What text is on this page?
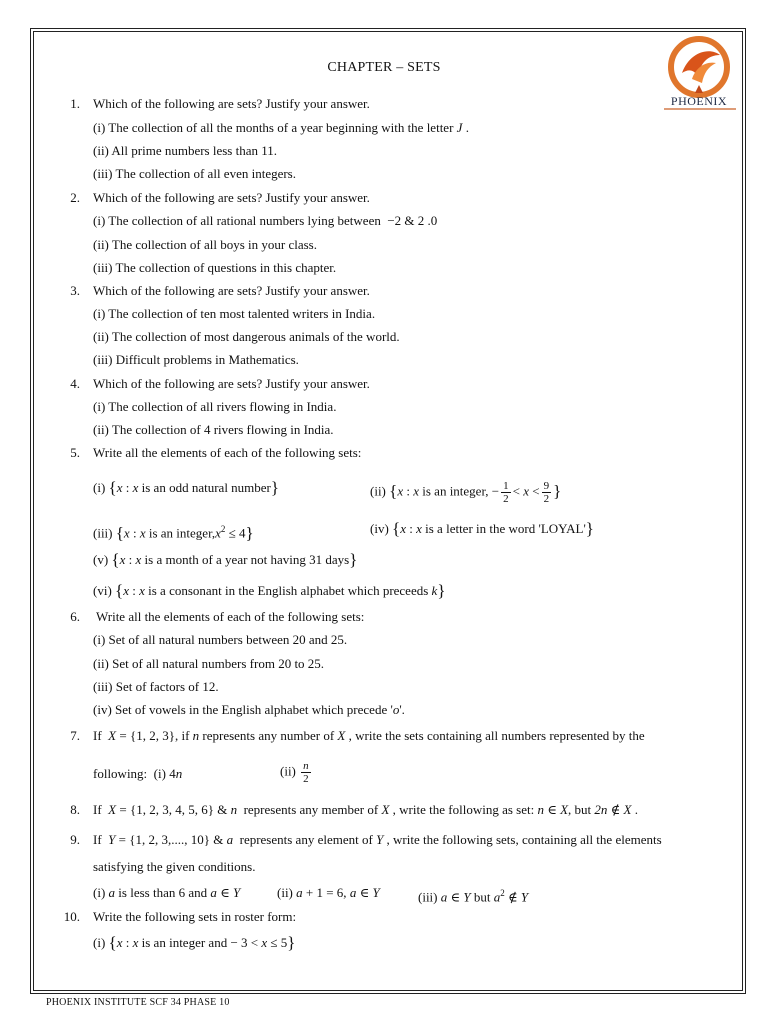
CHAPTER – SETS
PHOENIX
1. Which of the following are sets? Justify your answer.
(i) The collection of all the months of a year beginning with the letter J .
(ii) All prime numbers less than 11.
(iii) The collection of all even integers.
2. Which of the following are sets? Justify your answer.
(i) The collection of all rational numbers lying between −2 & 2 .0
(ii) The collection of all boys in your class.
(iii) The collection of questions in this chapter.
3. Which of the following are sets? Justify your answer.
(i) The collection of ten most talented writers in India.
(ii) The collection of most dangerous animals of the world.
(iii) Difficult problems in Mathematics.
4. Which of the following are sets? Justify your answer.
(i) The collection of all rivers flowing in India.
(ii) The collection of 4 rivers flowing in India.
5. Write all the elements of each of the following sets:
(i) {x : x is an odd natural number}	(ii) {x : x is an integer, − $\frac{1}{2} < x < \frac{9}{2}$ }
(iii) {x : x is an $integer,x^2 \le 4$}	(iv) {x : x is a letter in the word 'LOYAL'}
(v) {x : x is a month of a year not having 31 days}
(vi) {x : x is a consonant in the English alphabet which preceeds k}
6. Write all the elements of each of the following sets:
(i) Set of all natural numbers between 20 and 25.
(ii) Set of all natural numbers from 20 to 25.
(iii) Set of factors of 12.
(iv) Set of vowels in the English alphabet which precede 'o'.
7. If X = {1, 2, 3}, if n represents any number of X , write the sets containing all numbers represented by the
following: (i) 4n	$(ii) \frac{n}{2}$
8. If X = {1, 2, 3, 4, 5, 6} & n represents any member of X , write the following as set: n ∈ X, but 2n ∉ X .
9. If Y = {1, 2, 3,...., 10} & a represents any element of Y , write the following sets, containing all the elements
satisfying the given conditions.
(i) a is less than 6 and a ∈ Y	(ii) a + 1 = 6, a ∈ Y	(iii) a ∈ Y but $a^2$ ∉ Y
10. Write the following sets in roster form:
(i) {x : x is an integer and − 3 < x ≤ 5}
PHOENIX INSTITUTE SCF 34 PHASE 10
